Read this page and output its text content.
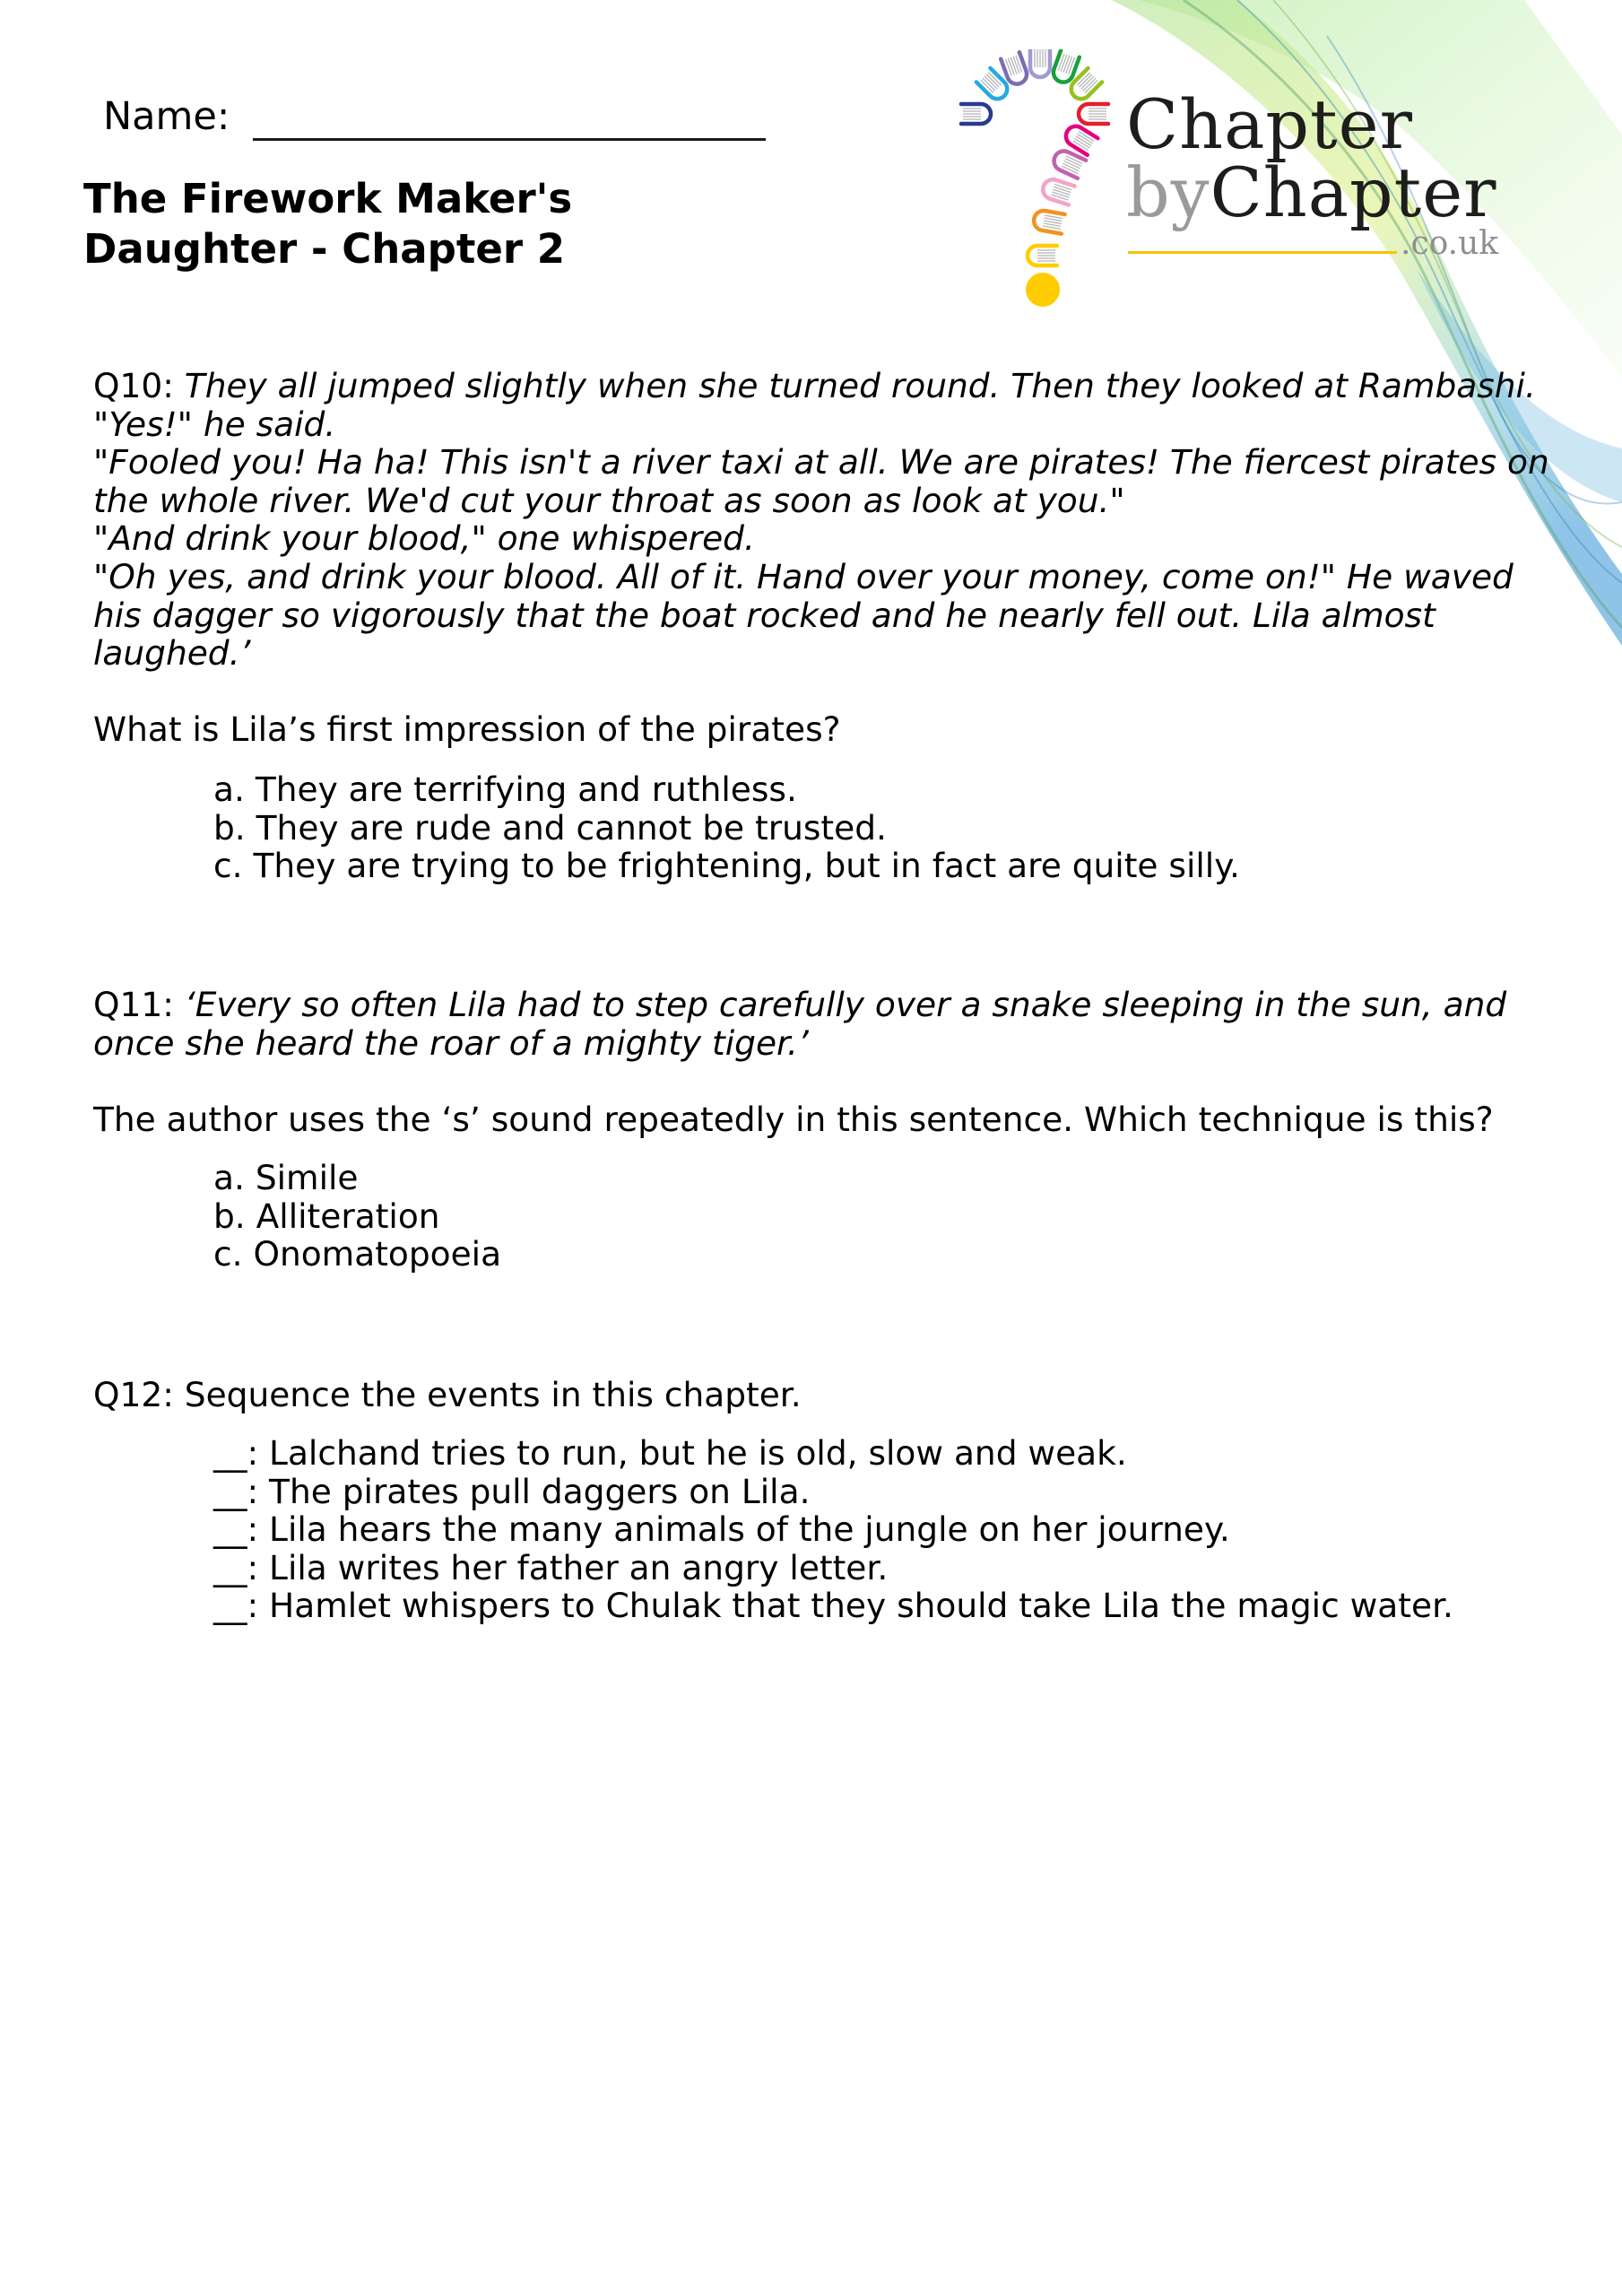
Name:
The Firework Maker's
Daughter - Chapter 2
Chapter
byChapter
.co.uk
Q10: They all jumped slightly when she turned round. Then they looked at Rambashi.
"Yes!" he said.
"Fooled you! Ha ha! This isn't a river taxi at all. We are pirates! The fiercest pirates on
the whole river. We'd cut your throat as soon as look at you."
"And drink your blood," one whispered.
"Oh yes, and drink your blood. All of it. Hand over your money, come on!" He waved
his dagger so vigorously that the boat rocked and he nearly fell out. Lila almost
laughed.’
What is Lila’s first impression of the pirates?
a. They are terrifying and ruthless.
b. They are rude and cannot be trusted.
c. They are trying to be frightening, but in fact are quite silly.
Q11: ‘Every so often Lila had to step carefully over a snake sleeping in the sun, and
once she heard the roar of a mighty tiger.’
The author uses the ‘s’ sound repeatedly in this sentence. Which technique is this?
a. Simile
b. Alliteration
c. Onomatopoeia
Q12: Sequence the events in this chapter.
__: Lalchand tries to run, but he is old, slow and weak.
__: The pirates pull daggers on Lila.
__: Lila hears the many animals of the jungle on her journey.
__: Lila writes her father an angry letter.
__: Hamlet whispers to Chulak that they should take Lila the magic water.
